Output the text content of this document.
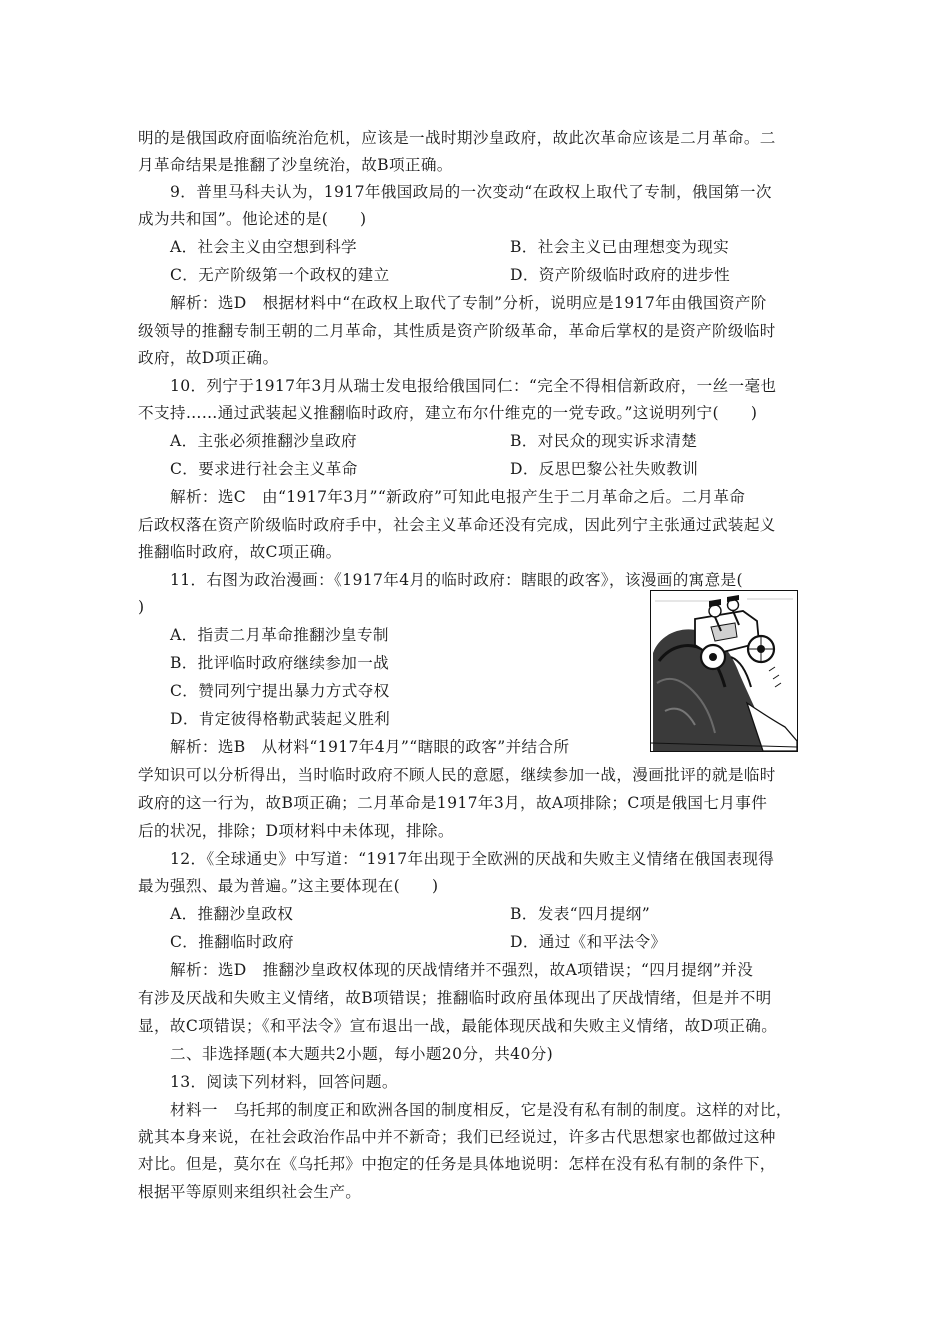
明的是俄国政府面临统治危机，应该是一战时期沙皇政府，故此次革命应该是二月革命。二
月革命结果是推翻了沙皇统治，故B项正确。
9．普里马科夫认为，1917年俄国政局的一次变动“在政权上取代了专制，俄国第一次
成为共和国”。他论述的是(　　)
A．社会主义由空想到科学	B．社会主义已由理想变为现实
C．无产阶级第一个政权的建立	D．资产阶级临时政府的进步性
解析：选D　根据材料中“在政权上取代了专制”分析，说明应是1917年由俄国资产阶
级领导的推翻专制王朝的二月革命，其性质是资产阶级革命，革命后掌权的是资产阶级临时
政府，故D项正确。
10．列宁于1917年3月从瑞士发电报给俄国同仁：“完全不得相信新政府，一丝一毫也
不支持……通过武装起义推翻临时政府，建立布尔什维克的一党专政。”这说明列宁(　　)
A．主张必须推翻沙皇政府	B．对民众的现实诉求清楚
C．要求进行社会主义革命	D．反思巴黎公社失败教训
解析：选C　由“1917年3月”“新政府”可知此电报产生于二月革命之后。二月革命
后政权落在资产阶级临时政府手中，社会主义革命还没有完成，因此列宁主张通过武装起义
推翻临时政府，故C项正确。
11．右图为政治漫画：《1917年4月的临时政府：瞎眼的政客》，该漫画的寓意是(
)
A．指责二月革命推翻沙皇专制
B．批评临时政府继续参加一战
C．赞同列宁提出暴力方式夺权
D．肯定彼得格勒武装起义胜利
解析：选B　从材料“1917年4月”“瞎眼的政客”并结合所
学知识可以分析得出，当时临时政府不顾人民的意愿，继续参加一战，漫画批评的就是临时
政府的这一行为，故B项正确；二月革命是1917年3月，故A项排除；C项是俄国七月事件
后的状况，排除；D项材料中未体现，排除。
12．《全球通史》中写道：“1917年出现于全欧洲的厌战和失败主义情绪在俄国表现得
最为强烈、最为普遍。”这主要体现在(　　)
A．推翻沙皇政权	B．发表“四月提纲”
C．推翻临时政府	D．通过《和平法令》
解析：选D　推翻沙皇政权体现的厌战情绪并不强烈，故A项错误；“四月提纲”并没
有涉及厌战和失败主义情绪，故B项错误；推翻临时政府虽体现出了厌战情绪，但是并不明
显，故C项错误；《和平法令》宣布退出一战，最能体现厌战和失败主义情绪，故D项正确。
二、非选择题(本大题共2小题，每小题20分，共40分)
13．阅读下列材料，回答问题。
材料一　乌托邦的制度正和欧洲各国的制度相反，它是没有私有制的制度。这样的对比，
就其本身来说，在社会政治作品中并不新奇；我们已经说过，许多古代思想家也都做过这种
对比。但是，莫尔在《乌托邦》中抱定的任务是具体地说明：怎样在没有私有制的条件下，
根据平等原则来组织社会生产。
